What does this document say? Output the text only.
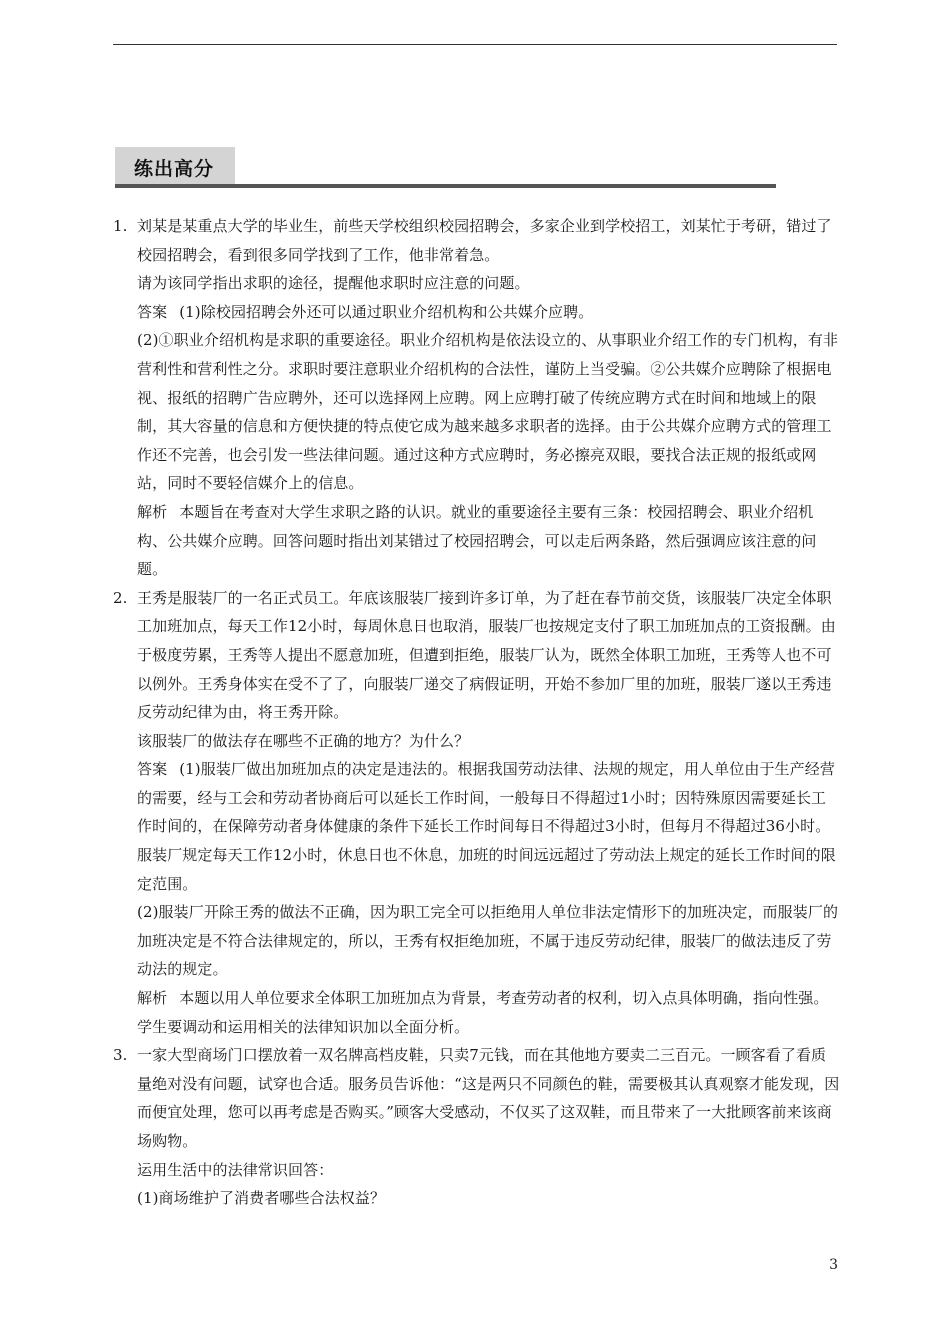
练出高分
1. 刘某是某重点大学的毕业生，前些天学校组织校园招聘会，多家企业到学校招工，刘某忙于考研，错过了校园招聘会，看到很多同学找到了工作，他非常着急。

请为该同学指出求职的途径，提醒他求职时应注意的问题。

答案 (1)除校园招聘会外还可以通过职业介绍机构和公共媒介应聘。

(2)①职业介绍机构是求职的重要途径。职业介绍机构是依法设立的、从事职业介绍工作的专门机构，有非营利性和营利性之分。求职时要注意职业介绍机构的合法性，谨防上当受骗。②公共媒介应聘除了根据电视、报纸的招聘广告应聘外，还可以选择网上应聘。网上应聘打破了传统应聘方式在时间和地域上的限制，其大容量的信息和方便快捷的特点使它成为越来越多求职者的选择。由于公共媒介应聘方式的管理工作还不完善，也会引发一些法律问题。通过这种方式应聘时，务必擦亮双眼，要找合法正规的报纸或网站，同时不要轻信媒介上的信息。

解析 本题旨在考查对大学生求职之路的认识。就业的重要途径主要有三条：校园招聘会、职业介绍机构、公共媒介应聘。回答问题时指出刘某错过了校园招聘会，可以走后两条路，然后强调应该注意的问题。

2. 王秀是服装厂的一名正式员工。年底该服装厂接到许多订单，为了赶在春节前交货，该服装厂决定全体职工加班加点，每天工作12小时，每周休息日也取消，服装厂也按规定支付了职工加班加点的工资报酬。由于极度劳累，王秀等人提出不愿意加班，但遭到拒绝，服装厂认为，既然全体职工加班，王秀等人也不可以例外。王秀身体实在受不了了，向服装厂递交了病假证明，开始不参加厂里的加班，服装厂遂以王秀违反劳动纪律为由，将王秀开除。

该服装厂的做法存在哪些不正确的地方？为什么？

答案 (1)服装厂做出加班加点的决定是违法的。根据我国劳动法律、法规的规定，用人单位由于生产经营的需要，经与工会和劳动者协商后可以延长工作时间，一般每日不得超过1小时；因特殊原因需要延长工作时间的，在保障劳动者身体健康的条件下延长工作时间每日不得超过3小时，但每月不得超过36小时。服装厂规定每天工作12小时，休息日也不休息，加班的时间远远超过了劳动法上规定的延长工作时间的限定范围。

(2)服装厂开除王秀的做法不正确，因为职工完全可以拒绝用人单位非法定情形下的加班决定，而服装厂的加班决定是不符合法律规定的，所以，王秀有权拒绝加班，不属于违反劳动纪律，服装厂的做法违反了劳动法的规定。

解析 本题以用人单位要求全体职工加班加点为背景，考查劳动者的权利，切入点具体明确，指向性强。学生要调动和运用相关的法律知识加以全面分析。

3. 一家大型商场门口摆放着一双名牌高档皮鞋，只卖7元钱，而在其他地方要卖二三百元。一顾客看了看质量绝对没有问题，试穿也合适。服务员告诉他：“这是两只不同颜色的鞋，需要极其认真观察才能发现，因而便宜处理，您可以再考虑是否购买。”顾客大受感动，不仅买了这双鞋，而且带来了一大批顾客前来该商场购物。

运用生活中的法律常识回答：

(1)商场维护了消费者哪些合法权益？

3
